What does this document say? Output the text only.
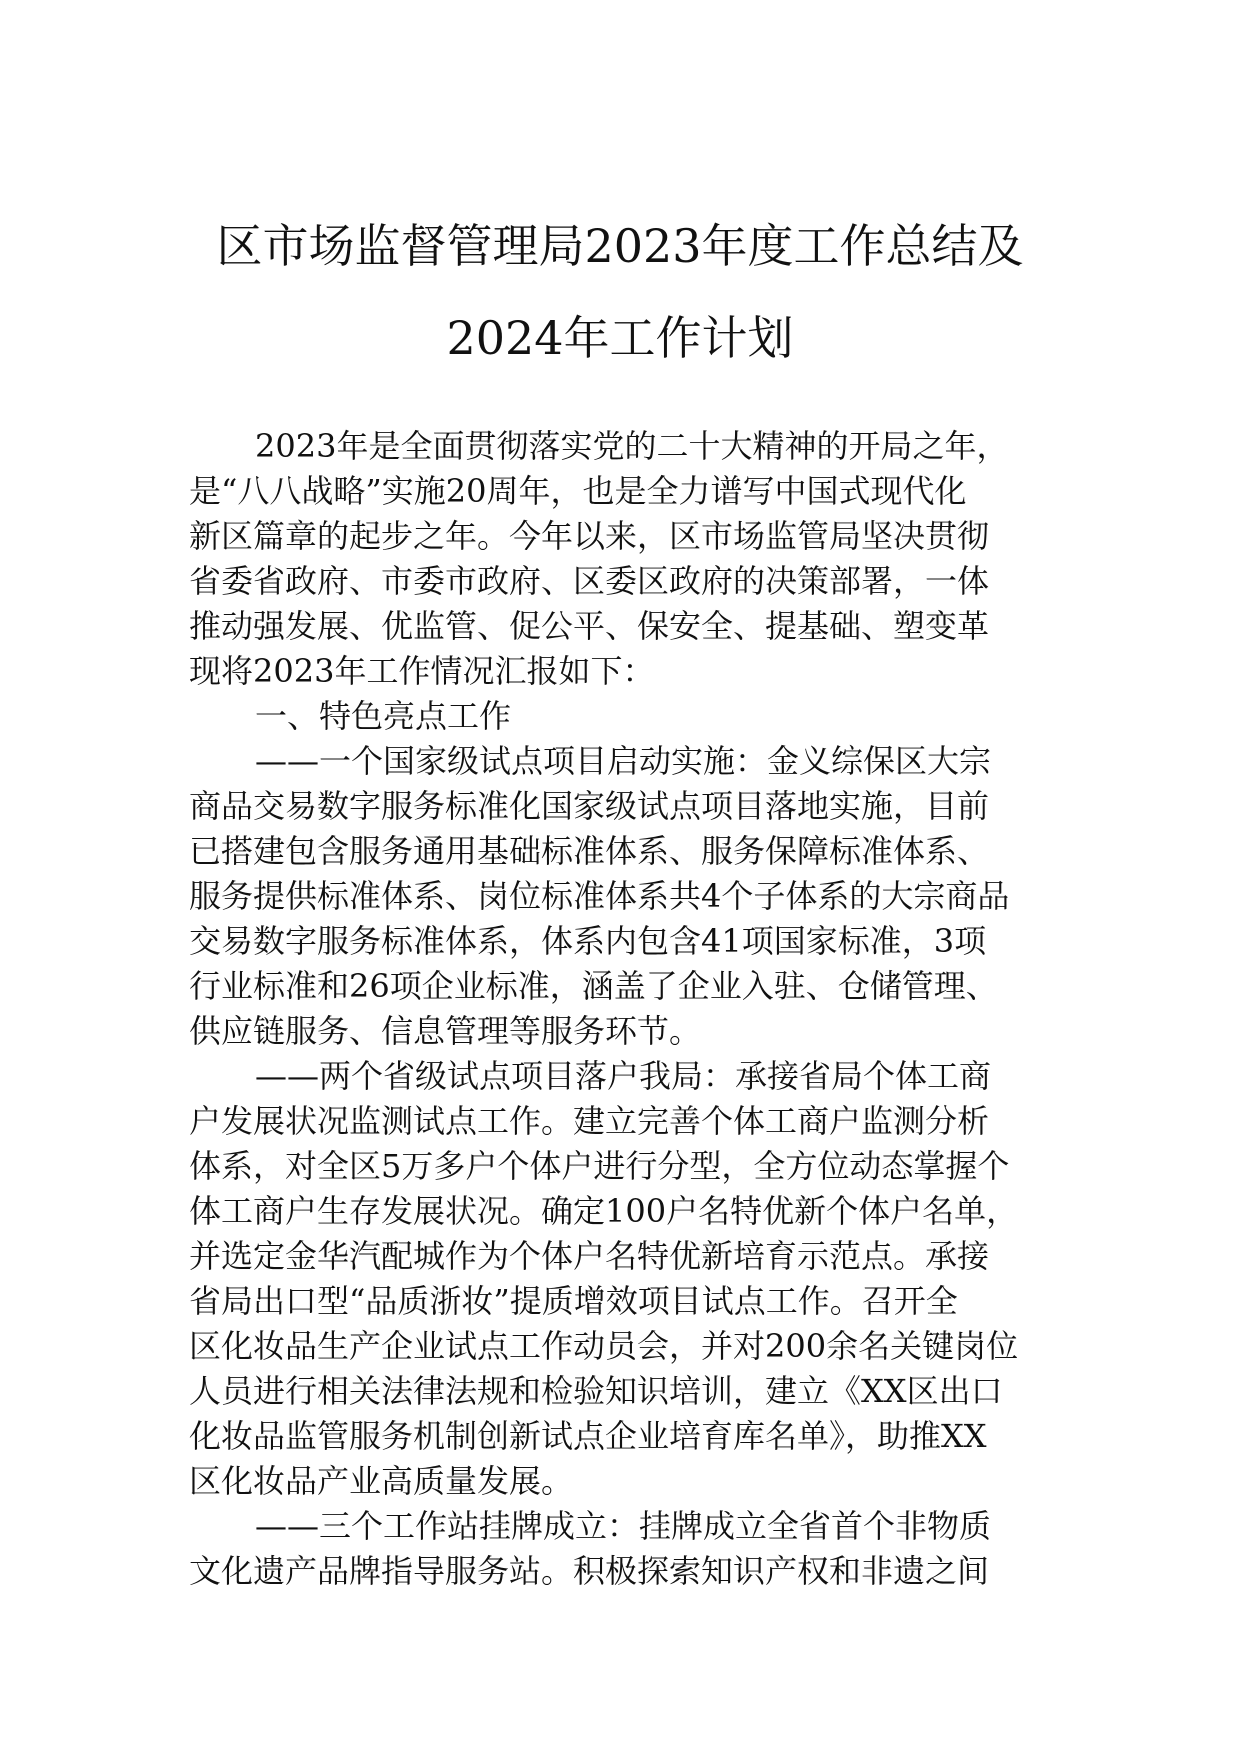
区市场监督管理局2023年度工作总结及
2024年工作计划
2023年是全面贯彻落实党的二十大精神的开局之年，
是“八八战略”实施20周年，也是全力谱写中国式现代化
新区篇章的起步之年。今年以来，区市场监管局坚决贯彻
省委省政府、市委市政府、区委区政府的决策部署，一体
推动强发展、优监管、促公平、保安全、提基础、塑变革
现将2023年工作情况汇报如下：
一、特色亮点工作
——一个国家级试点项目启动实施：金义综保区大宗
商品交易数字服务标准化国家级试点项目落地实施，目前
已搭建包含服务通用基础标准体系、服务保障标准体系、
服务提供标准体系、岗位标准体系共4个子体系的大宗商品
交易数字服务标准体系，体系内包含41项国家标准，3项
行业标准和26项企业标准，涵盖了企业入驻、仓储管理、
供应链服务、信息管理等服务环节。
——两个省级试点项目落户我局：承接省局个体工商
户发展状况监测试点工作。建立完善个体工商户监测分析
体系，对全区5万多户个体户进行分型，全方位动态掌握个
体工商户生存发展状况。确定100户名特优新个体户名单，
并选定金华汽配城作为个体户名特优新培育示范点。承接
省局出口型“品质浙妆”提质增效项目试点工作。召开全
区化妆品生产企业试点工作动员会，并对200余名关键岗位
人员进行相关法律法规和检验知识培训，建立《XX区出口
化妆品监管服务机制创新试点企业培育库名单》，助推XX
区化妆品产业高质量发展。
——三个工作站挂牌成立：挂牌成立全省首个非物质
文化遗产品牌指导服务站。积极探索知识产权和非遗之间
